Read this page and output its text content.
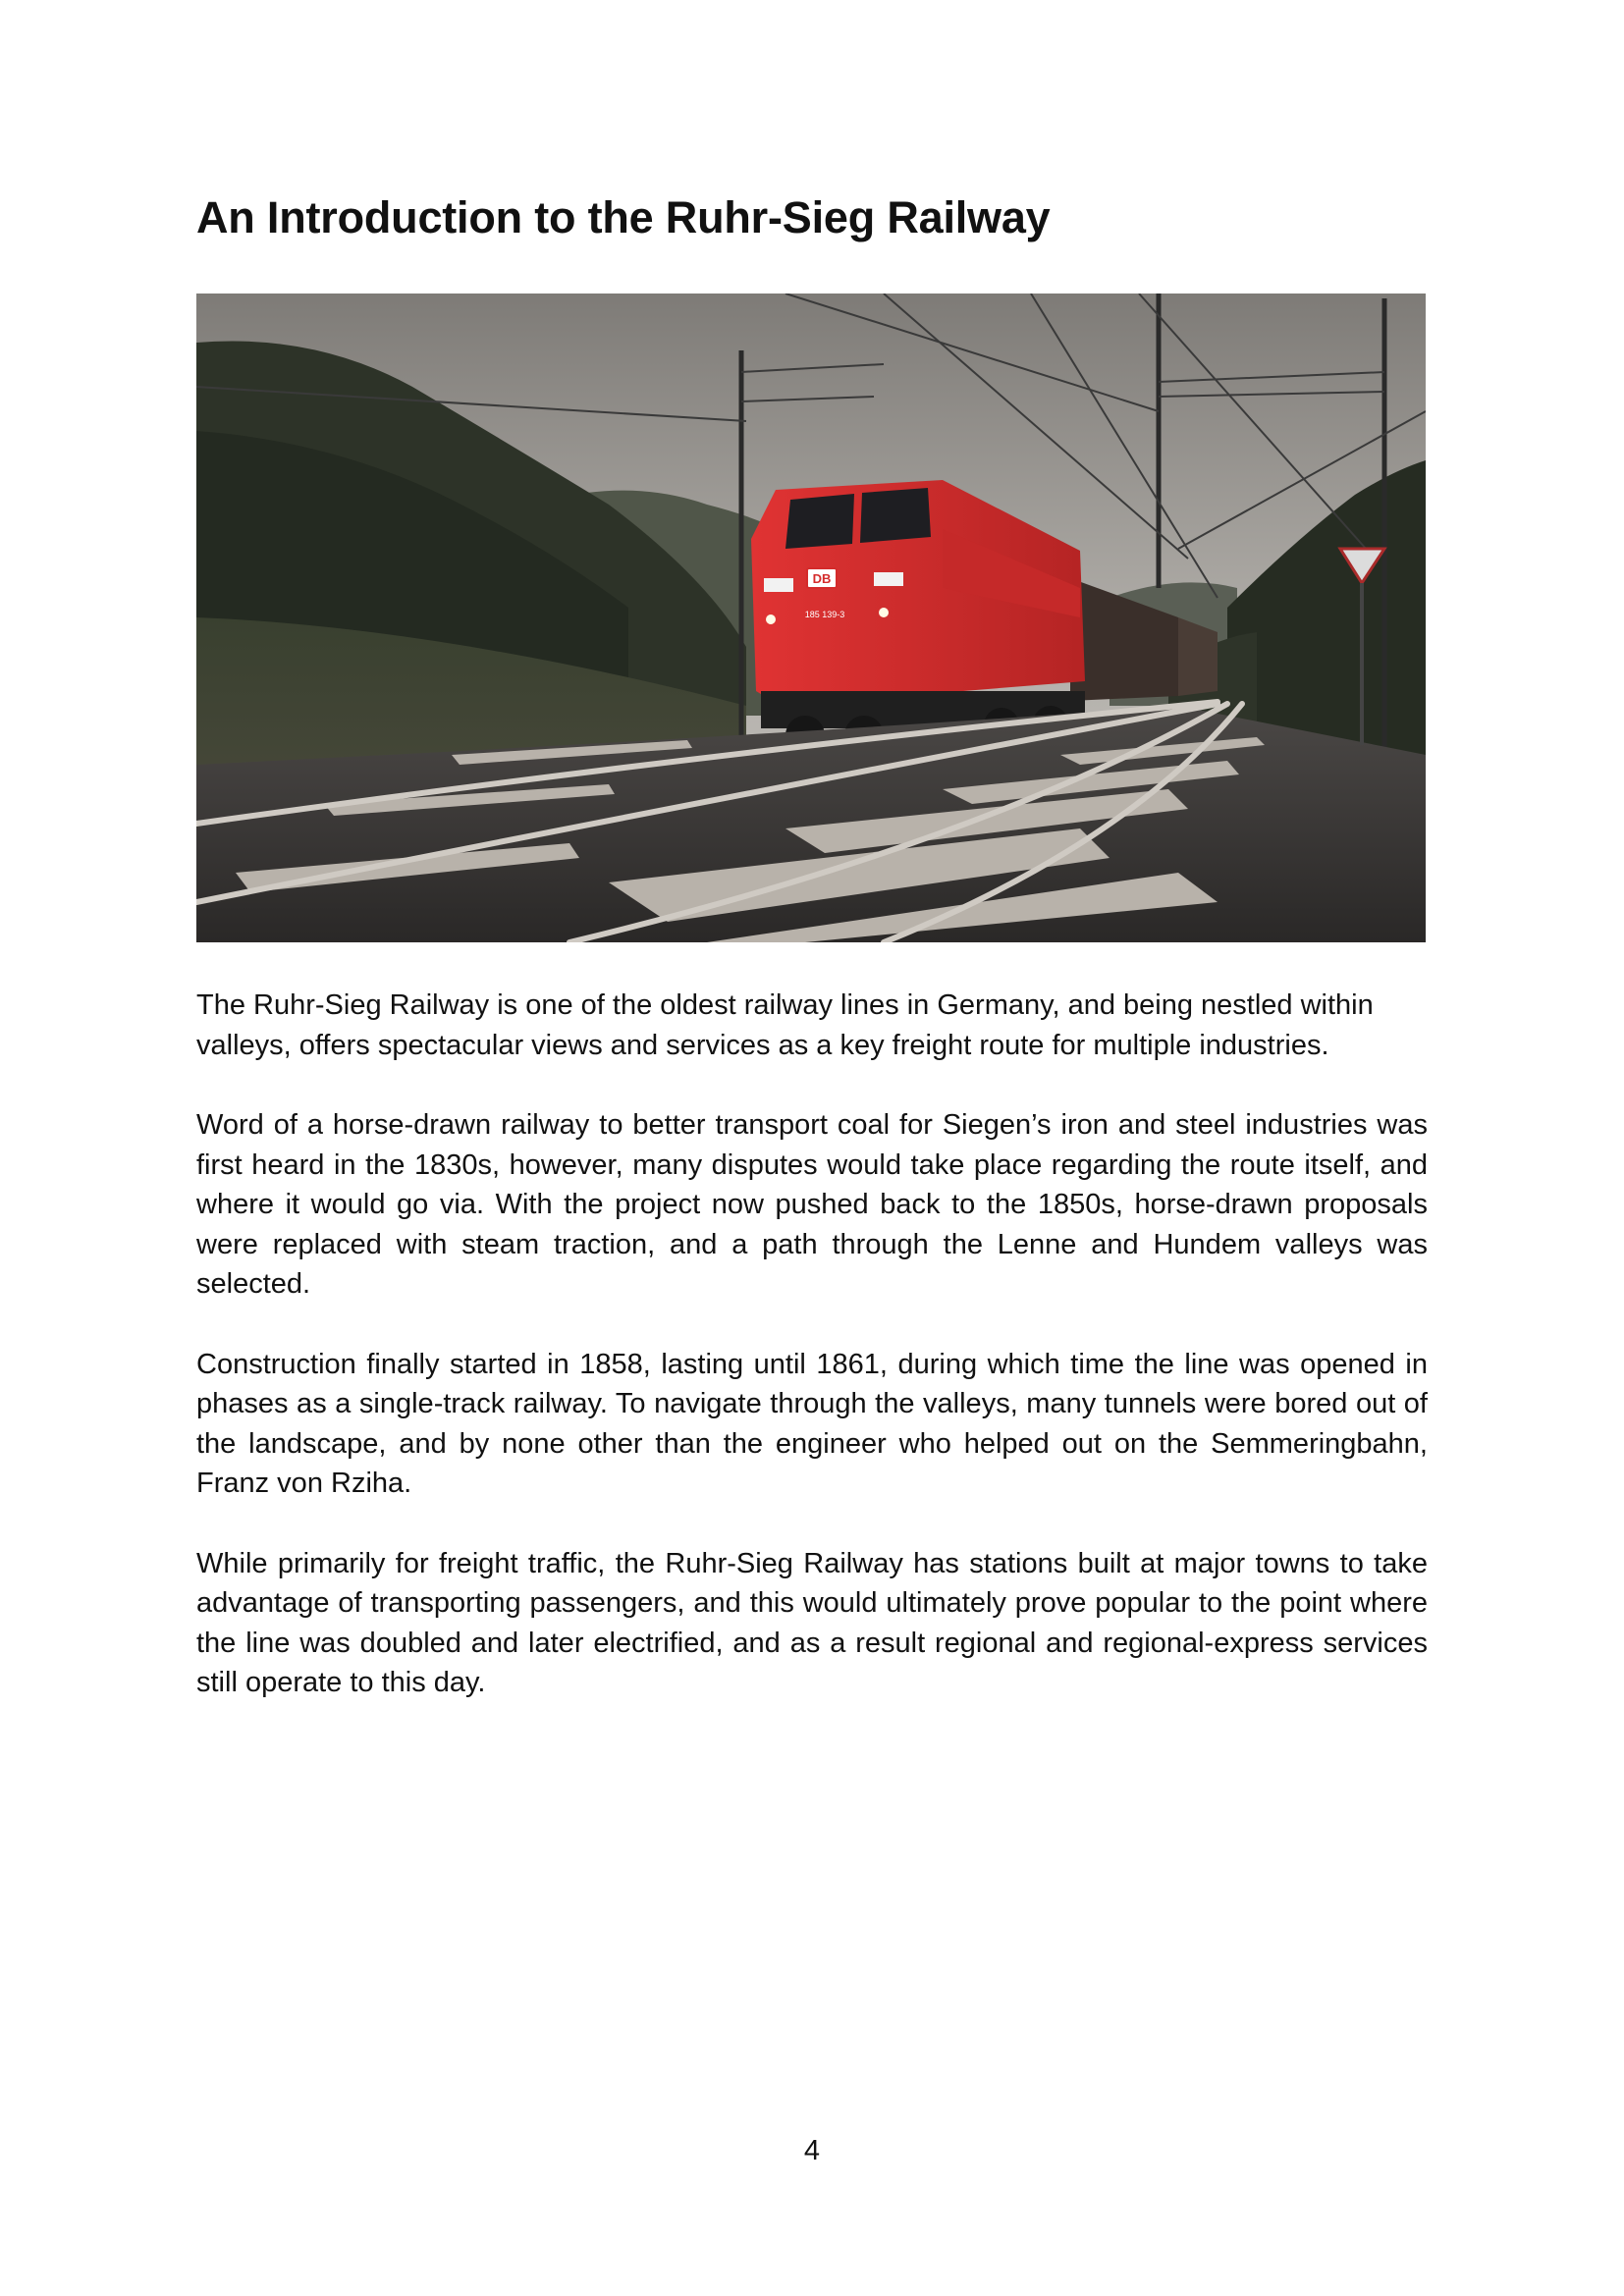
An Introduction to the Ruhr-Sieg Railway
DB
185 139-3

The Ruhr-Sieg Railway is one of the oldest railway lines in Germany, and being nestled within valleys, offers spectacular views and services as a key freight route for multiple industries.

Word of a horse-drawn railway to better transport coal for Siegen’s iron and steel industries was first heard in the 1830s, however, many disputes would take place regarding the route itself, and where it would go via. With the project now pushed back to the 1850s, horse-drawn proposals were replaced with steam traction, and a path through the Lenne and Hundem valleys was selected.

Construction finally started in 1858, lasting until 1861, during which time the line was opened in phases as a single-track railway. To navigate through the valleys, many tunnels were bored out of the landscape, and by none other than the engineer who helped out on the Semmeringbahn, Franz von Rziha.

While primarily for freight traffic, the Ruhr-Sieg Railway has stations built at major towns to take advantage of transporting passengers, and this would ultimately prove popular to the point where the line was doubled and later electrified, and as a result regional and regional-express services still operate to this day.

4
